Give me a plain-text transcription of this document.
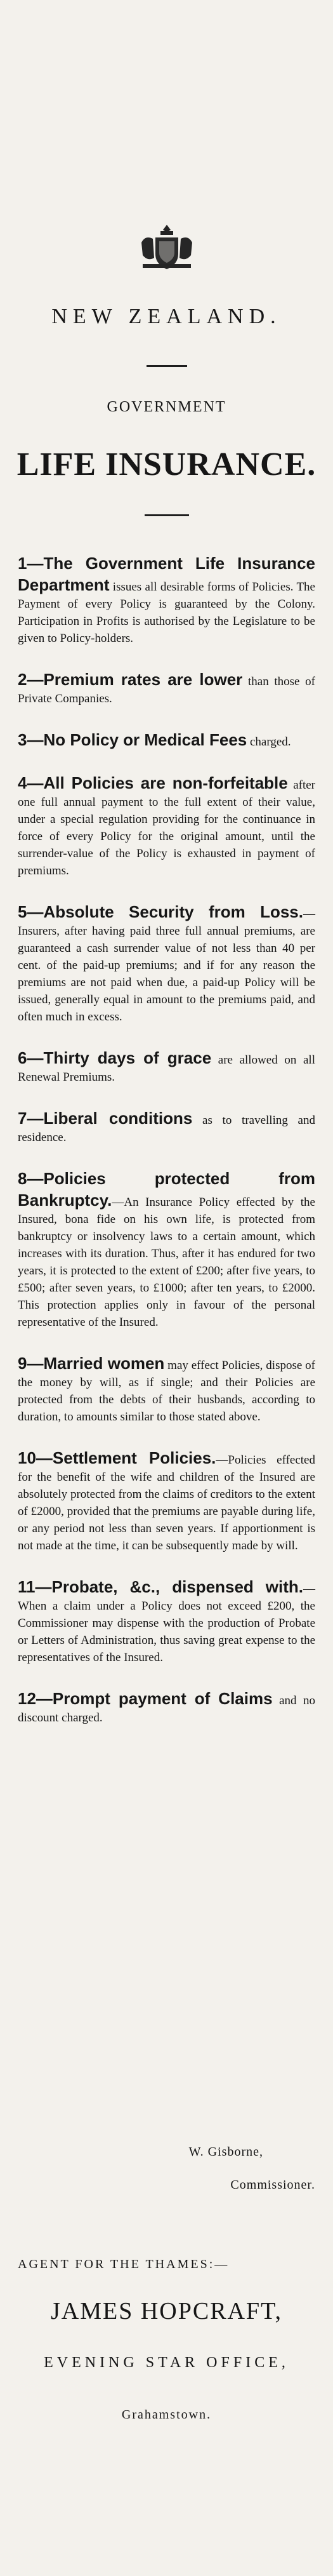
NEW ZEALAND.
GOVERNMENT
LIFE INSURANCE.
1—The Government Life Insurance Department issues all desirable forms of Policies. The Payment of every Policy is guaranteed by the Colony. Participation in Profits is authorised by the Legislature to be given to Policy-holders.
2—Premium rates are lower than those of Private Companies.
3—No Policy or Medical Fees charged.
4—All Policies are non-forfeitable after one full annual payment to the full extent of their value, under a special regulation providing for the continuance in force of every Policy for the original amount, until the surrender-value of the Policy is exhausted in payment of premiums.
5—Absolute Security from Loss.—Insurers, after having paid three full annual premiums, are guaranteed a cash surrender value of not less than 40 per cent. of the paid-up premiums; and if for any reason the premiums are not paid when due, a paid-up Policy will be issued, generally equal in amount to the premiums paid, and often much in excess.
6—Thirty days of grace are allowed on all Renewal Premiums.
7—Liberal conditions as to travelling and residence.
8—Policies protected from Bankruptcy.—An Insurance Policy effected by the Insured, bona fide on his own life, is protected from bankruptcy or insolvency laws to a certain amount, which increases with its duration. Thus, after it has endured for two years, it is protected to the extent of £200; after five years, to £500; after seven years, to £1000; after ten years, to £2000. This protection applies only in favour of the personal representative of the Insured.
9—Married women may effect Policies, dispose of the money by will, as if single; and their Policies are protected from the debts of their husbands, according to duration, to amounts similar to those stated above.
10—Settlement Policies.—Policies effected for the benefit of the wife and children of the Insured are absolutely protected from the claims of creditors to the extent of £2000, provided that the premiums are payable during life, or any period not less than seven years. If apportionment is not made at the time, it can be subsequently made by will.
11—Probate, &c., dispensed with.—When a claim under a Policy does not exceed £200, the Commissioner may dispense with the production of Probate or Letters of Administration, thus saving great expense to the representatives of the Insured.
12—Prompt payment of Claims and no discount charged.
W. Gisborne,
Commissioner.
AGENT FOR THE THAMES:—
JAMES HOPCRAFT,
EVENING STAR OFFICE,
Grahamstown.
